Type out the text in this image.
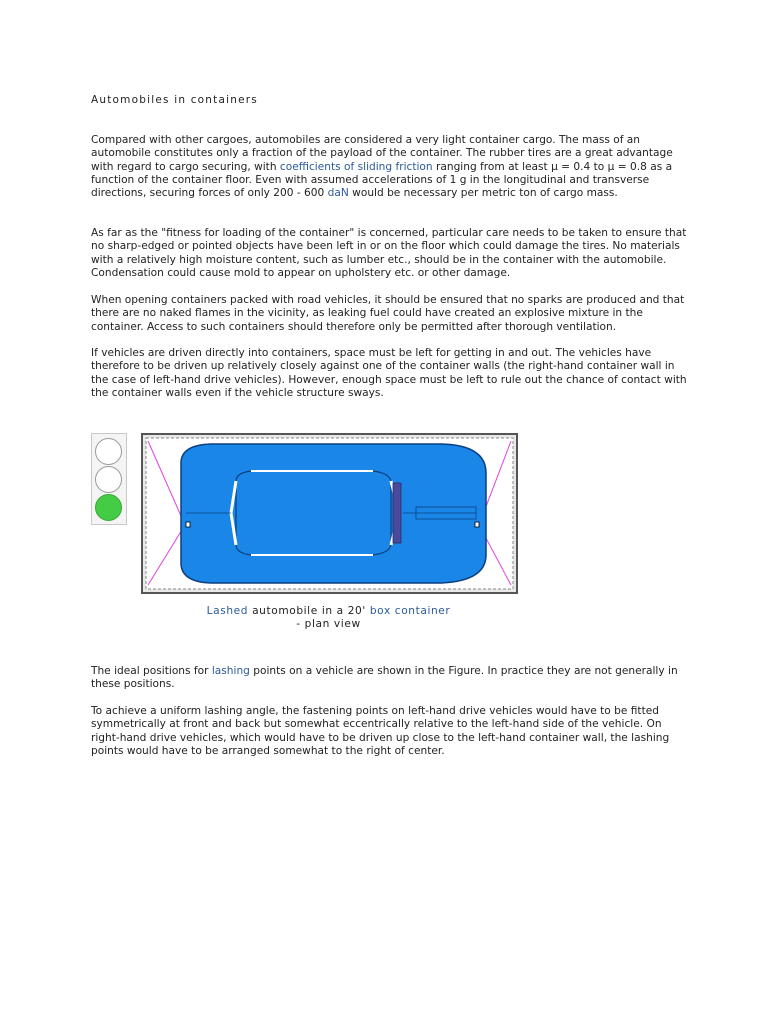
Automobiles in containers

Compared with other cargoes, automobiles are considered a very light container cargo. The mass of an automobile constitutes only a fraction of the payload of the container. The rubber tires are a great advantage with regard to cargo securing, with coefficients of sliding friction ranging from at least µ = 0.4 to µ = 0.8 as a function of the container floor. Even with assumed accelerations of 1 g in the longitudinal and transverse directions, securing forces of only 200 - 600 daN would be necessary per metric ton of cargo mass.

As far as the "fitness for loading of the container" is concerned, particular care needs to be taken to ensure that no sharp-edged or pointed objects have been left in or on the floor which could damage the tires. No materials with a relatively high moisture content, such as lumber etc., should be in the container with the automobile. Condensation could cause mold to appear on upholstery etc. or other damage.

When opening containers packed with road vehicles, it should be ensured that no sparks are produced and that there are no naked flames in the vicinity, as leaking fuel could have created an explosive mixture in the container. Access to such containers should therefore only be permitted after thorough ventilation.

If vehicles are driven directly into containers, space must be left for getting in and out. The vehicles have therefore to be driven up relatively closely against one of the container walls (the right-hand container wall in the case of left-hand drive vehicles). However, enough space must be left to rule out the chance of contact with the container walls even if the vehicle structure sways.

Lashed automobile in a 20' box container
- plan view

The ideal positions for lashing points on a vehicle are shown in the Figure. In practice they are not generally in these positions.

To achieve a uniform lashing angle, the fastening points on left-hand drive vehicles would have to be fitted symmetrically at front and back but somewhat eccentrically relative to the left-hand side of the vehicle. On right-hand drive vehicles, which would have to be driven up close to the left-hand container wall, the lashing points would have to be arranged somewhat to the right of center.
